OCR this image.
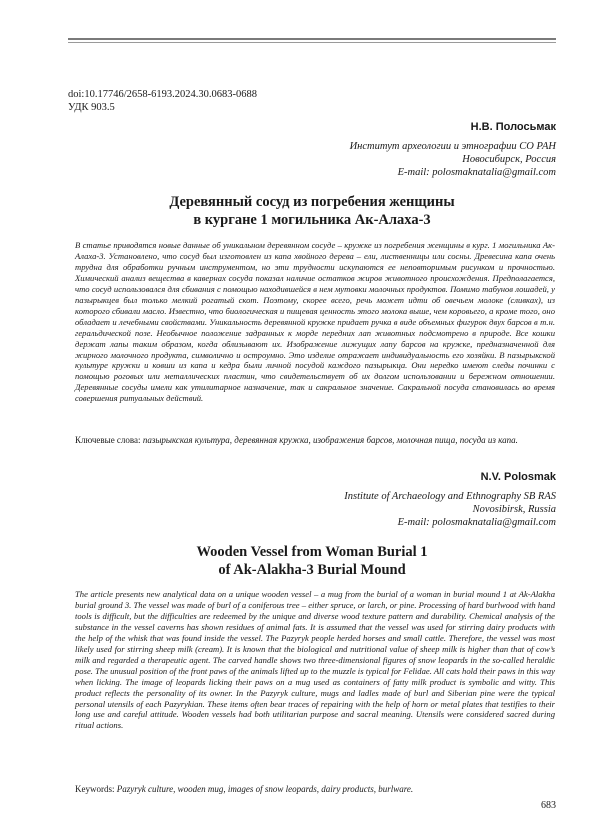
doi:10.17746/2658-6193.2024.30.0683-0688
УДК 903.5
Н.В. Полосьмак
Институт археологии и этнографии СО РАН
Новосибирск, Россия
E-mail: polosmaknatalia@gmail.com
Деревянный сосуд из погребения женщины
в кургане 1 могильника Ак-Алаха-3
В статье приводятся новые данные об уникальном деревянном сосуде – кружке из погребения женщины в кург. 1 могильника Ак-Алаха-3. Установлено, что сосуд был изготовлен из капа хвойного дерева – ели, лиственницы или сосны. Древесина капа очень трудна для обработки ручным инструментом, но эти трудности искупаются ее неповторимым рисунком и прочностью. Химический анализ вещества в кавернах сосуда показал наличие остатков жиров животного происхождения. Предполагается, что сосуд использовался для сбивания с помощью находившейся в нем мутовки молочных продуктов. Помимо табунов лошадей, у пазырыкцев был только мелкий рогатый скот. Поэтому, скорее всего, речь может идти об овечьем молоке (сливках), из которого сбивали масло. Известно, что биологическая и пищевая ценность этого молока выше, чем коровьего, а кроме того, оно обладает и лечебными свойствами. Уникальность деревянной кружке придает ручка в виде объемных фигурок двух барсов в т.н. геральдической позе. Необычное положение задранных к морде передних лап животных подсмотрено в природе. Все кошки держат лапы таким образом, когда облизывают их. Изображение лижущих лапу барсов на кружке, предназначенной для жирного молочного продукта, символично и остроумно. Это изделие отражает индивидуальность его хозяйки. В пазырыкской культуре кружки и ковши из капа и кедра были личной посудой каждого пазырыкца. Они нередко имеют следы починки с помощью роговых или металлических пластин, что свидетельствует об их долгом использовании и бережном отношении. Деревянные сосуды имели как утилитарное назначение, так и сакральное значение. Сакральной посуда становилась во время совершения ритуальных действий.
Ключевые слова: пазырыкская культура, деревянная кружка, изображения барсов, молочная пища, посуда из капа.
N.V. Polosmak
Institute of Archaeology and Ethnography SB RAS
Novosibirsk, Russia
E-mail: polosmaknatalia@gmail.com
Wooden Vessel from Woman Burial 1
of Ak-Alakha-3 Burial Mound
The article presents new analytical data on a unique wooden vessel – a mug from the burial of a woman in burial mound 1 at Ak-Alakha burial ground 3. The vessel was made of burl of a coniferous tree – either spruce, or larch, or pine. Processing of hard burlwood with hand tools is difficult, but the difficulties are redeemed by the unique and diverse wood texture pattern and durability. Chemical analysis of the substance in the vessel caverns has shown residues of animal fats. It is assumed that the vessel was used for stirring dairy products with the help of the whisk that was found inside the vessel. The Pazyryk people herded horses and small cattle. Therefore, the vessel was most likely used for stirring sheep milk (cream). It is known that the biological and nutritional value of sheep milk is higher than that of cow’s milk and regarded a therapeutic agent. The carved handle shows two three-dimensional figures of snow leopards in the so-called heraldic pose. The unusual position of the front paws of the animals lifted up to the muzzle is typical for Felidae. All cats hold their paws in this way when licking. The image of leopards licking their paws on a mug used as containers of fatty milk product is symbolic and witty. This product reflects the personality of its owner. In the Pazyryk culture, mugs and ladles made of burl and Siberian pine were the typical personal utensils of each Pazyrykian. These items often bear traces of repairing with the help of horn or metal plates that testifies to their long use and careful attitude. Wooden vessels had both utilitarian purpose and sacral meaning. Utensils were considered sacred during ritual actions.
Keywords: Pazyryk culture, wooden mug, images of snow leopards, dairy products, burlware.
683
